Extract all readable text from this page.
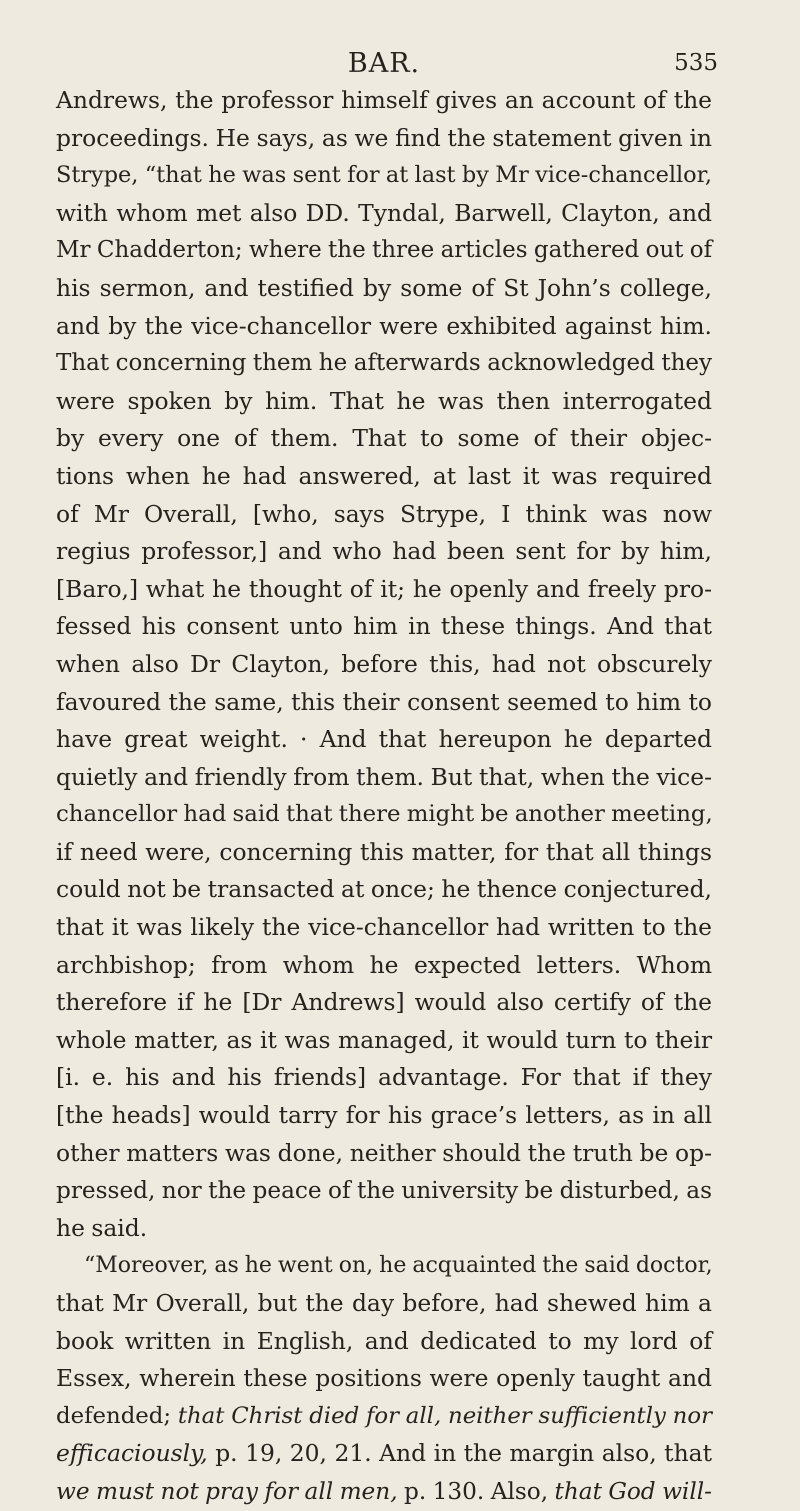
BAR.	535
Andrews, the professor himself gives an account of the
proceedings. He says, as we find the statement given in
Strype, “that he was sent for at last by Mr vice-chancellor,
with whom met also DD. Tyndal, Barwell, Clayton, and
Mr Chadderton; where the three articles gathered out of
his sermon, and testified by some of St John’s college,
and by the vice-chancellor were exhibited against him.
That concerning them he afterwards acknowledged they
were spoken by him. That he was then interrogated
by every one of them. That to some of their objec-
tions when he had answered, at last it was required
of Mr Overall, [who, says Strype, I think was now
regius professor,] and who had been sent for by him,
[Baro,] what he thought of it; he openly and freely pro-
fessed his consent unto him in these things. And that
when also Dr Clayton, before this, had not obscurely
favoured the same, this their consent seemed to him to
have great weight. · And that hereupon he departed
quietly and friendly from them. But that, when the vice-
chancellor had said that there might be another meeting,
if need were, concerning this matter, for that all things
could not be transacted at once; he thence conjectured,
that it was likely the vice-chancellor had written to the
archbishop; from whom he expected letters. Whom
therefore if he [Dr Andrews] would also certify of the
whole matter, as it was managed, it would turn to their
[i. e. his and his friends] advantage. For that if they
[the heads] would tarry for his grace’s letters, as in all
other matters was done, neither should the truth be op-
pressed, nor the peace of the university be disturbed, as
he said.
“Moreover, as he went on, he acquainted the said doctor,
that Mr Overall, but the day before, had shewed him a
book written in English, and dedicated to my lord of
Essex, wherein these positions were openly taught and
defended; that Christ died for all, neither sufficiently nor
efficaciously, p. 19, 20, 21. And in the margin also, that
we must not pray for all men, p. 130. Also, that God will-
